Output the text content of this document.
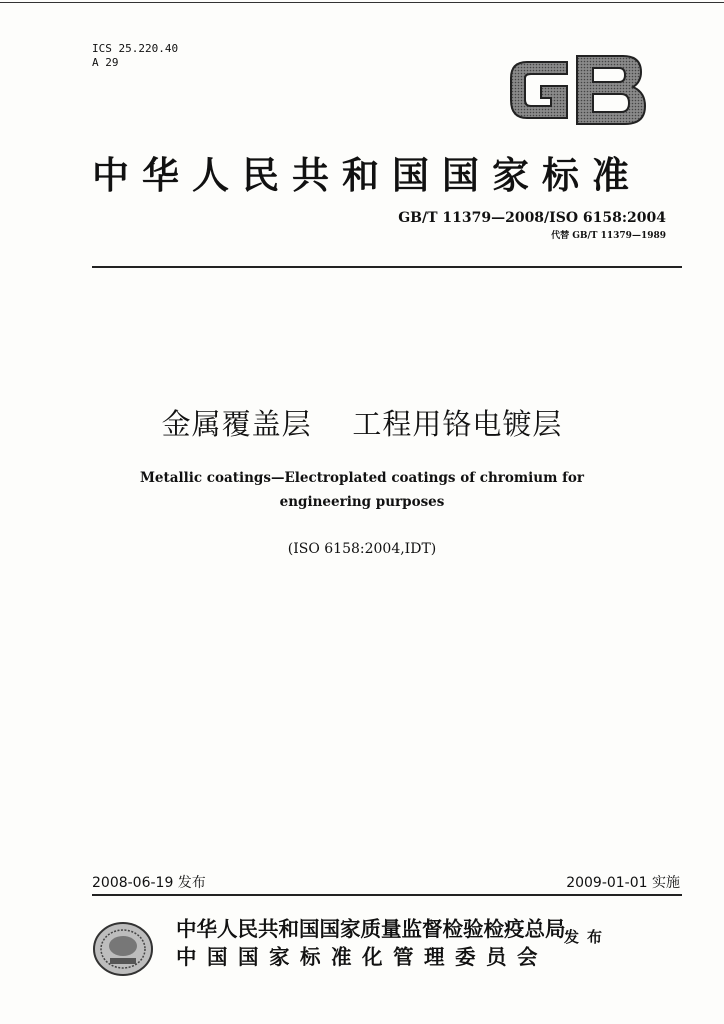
ICS 25.220.40
A 29
GB
中华人民共和国国家标准
GB/T 11379—2008/ISO 6158:2004
代替 GB/T 11379—1989
金属覆盖层    工程用铬电镀层
Metallic coatings—Electroplated coatings of chromium for
engineering purposes
(ISO 6158:2004,IDT)
2008-06-19 发布	2009-01-01 实施
中华人民共和国国家质量监督检验检疫总局
中国国家标准化管理委员会
发布
